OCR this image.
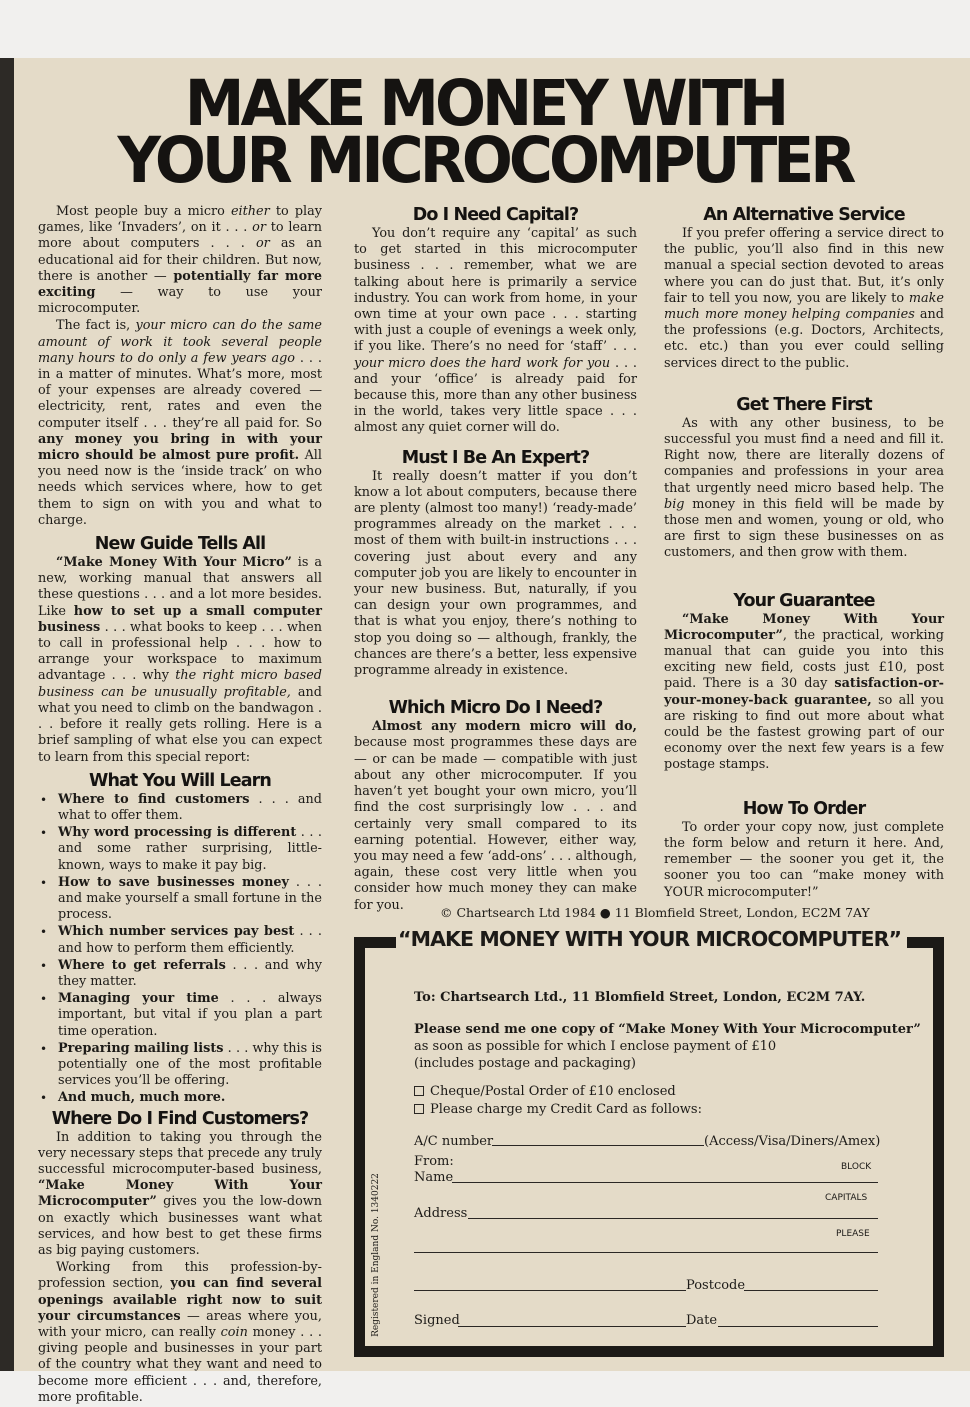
MAKE MONEY WITH
YOUR MICROCOMPUTER

Most people buy a micro either to play games, like ‘Invaders’, on it . . . or to learn more about computers . . . or as an educational aid for their children. But now, there is another — potentially far more exciting — way to use your microcomputer.

The fact is, your micro can do the same amount of work it took several people many hours to do only a few years ago . . . in a matter of minutes. What’s more, most of your expenses are already covered — electricity, rent, rates and even the computer itself . . . they’re all paid for. So any money you bring in with your micro should be almost pure profit. All you need now is the ‘inside track’ on who needs which services where, how to get them to sign on with you and what to charge.

New Guide Tells All

“Make Money With Your Micro” is a new, working manual that answers all these questions . . . and a lot more besides. Like how to set up a small computer business . . . what books to keep . . . when to call in professional help . . . how to arrange your workspace to maximum advantage . . . why the right micro based business can be unusually profitable, and what you need to climb on the bandwagon . . . before it really gets rolling. Here is a brief sampling of what else you can expect to learn from this special report:

What You Will Learn
• Where to find customers . . . and what to offer them.
• Why word processing is different . . . and some rather surprising, little-known, ways to make it pay big.
• How to save businesses money . . . and make yourself a small fortune in the process.
• Which number services pay best . . . and how to perform them efficiently.
• Where to get referrals . . . and why they matter.
• Managing your time . . . always important, but vital if you plan a part time operation.
• Preparing mailing lists . . . why this is potentially one of the most profitable services you’ll be offering.
• And much, much more.
Where Do I Find Customers?

In addition to taking you through the very necessary steps that precede any truly successful microcomputer-based business, “Make Money With Your Microcomputer” gives you the low-down on exactly which businesses want what services, and how best to get these firms as big paying customers.

Working from this profession-by-profession section, you can find several openings available right now to suit your circumstances — areas where you, with your micro, can really coin money . . . giving people and businesses in your part of the country what they want and need to become more efficient . . . and, therefore, more profitable.

Do I Need Capital?

You don’t require any ‘capital’ as such to get started in this microcomputer business . . . remember, what we are talking about here is primarily a service industry. You can work from home, in your own time at your own pace . . . starting with just a couple of evenings a week only, if you like. There’s no need for ‘staff’ . . . your micro does the hard work for you . . . and your ‘office’ is already paid for because this, more than any other business in the world, takes very little space . . . almost any quiet corner will do.

Must I Be An Expert?

It really doesn’t matter if you don’t know a lot about computers, because there are plenty (almost too many!) ‘ready-made’ programmes already on the market . . . most of them with built-in instructions . . . covering just about every and any computer job you are likely to encounter in your new business. But, naturally, if you can design your own programmes, and that is what you enjoy, there’s nothing to stop you doing so — although, frankly, the chances are there’s a better, less expensive programme already in existence.

Which Micro Do I Need?

Almost any modern micro will do, because most programmes these days are — or can be made — compatible with just about any other microcomputer. If you haven’t yet bought your own micro, you’ll find the cost surprisingly low . . . and certainly very small compared to its earning potential. However, either way, you may need a few ‘add-ons’ . . . although, again, these cost very little when you consider how much money they can make for you.

An Alternative Service

If you prefer offering a service direct to the public, you’ll also find in this new manual a special section devoted to areas where you can do just that. But, it’s only fair to tell you now, you are likely to make much more money helping companies and the professions (e.g. Doctors, Architects, etc. etc.) than you ever could selling services direct to the public.

Get There First

As with any other business, to be successful you must find a need and fill it. Right now, there are literally dozens of companies and professions in your area that urgently need micro based help. The big money in this field will be made by those men and women, young or old, who are first to sign these businesses on as customers, and then grow with them.

Your Guarantee

“Make Money With Your Microcomputer”, the practical, working manual that can guide you into this exciting new field, costs just £10, post paid. There is a 30 day satisfaction-or-your-money-back guarantee, so all you are risking to find out more about what could be the fastest growing part of our economy over the next few years is a few postage stamps.

How To Order

To order your copy now, just complete the form below and return it here. And, remember — the sooner you get it, the sooner you too can “make money with YOUR microcomputer!”

© Chartsearch Ltd 1984 ● 11 Blomfield Street, London, EC2M 7AY
“MAKE MONEY WITH YOUR MICROCOMPUTER”
Registered in England No. 1340222
To: Chartsearch Ltd., 11 Blomfield Street, London, EC2M 7AY.
Please send me one copy of “Make Money With Your Microcomputer”
as soon as possible for which I enclose payment of £10
(includes postage and packaging)
Cheque/Postal Order of £10 enclosed
Please charge my Credit Card as follows:
A/C number	(Access/Visa/Diners/Amex)
From:
Name
BLOCK
CAPITALS
PLEASE
Address
Postcode
Signed	Date
